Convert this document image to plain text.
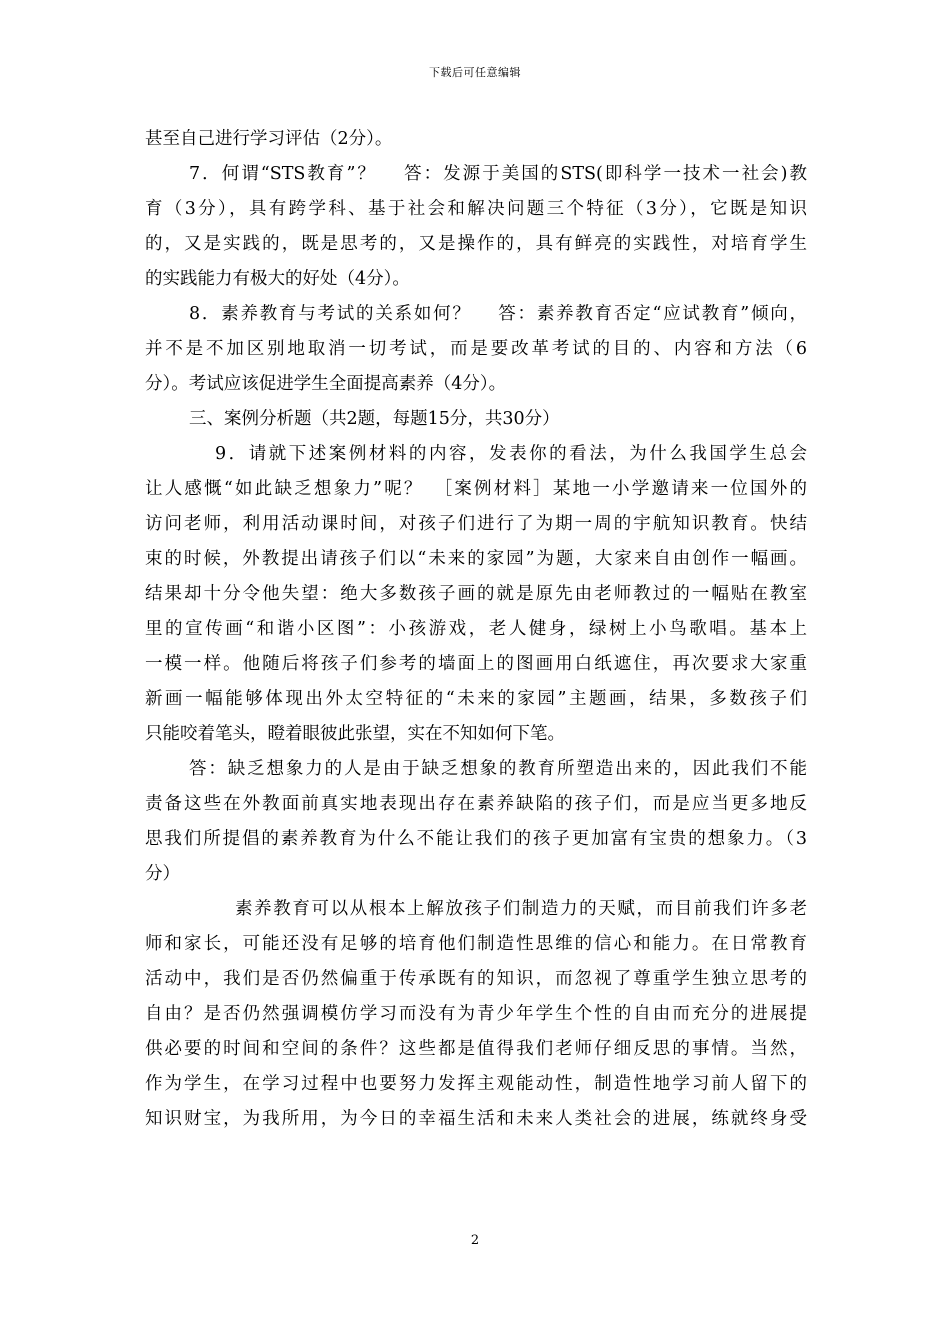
下载后可任意编辑
甚至自己进行学习评估（2分）。
7．何谓“STS教育”？　 答：发源于美国的STS(即科学一技术一社会)教
育（3分），具有跨学科、基于社会和解决问题三个特征（3分），它既是知识
的，又是实践的，既是思考的，又是操作的，具有鲜亮的实践性，对培育学生
的实践能力有极大的好处（4分）。
8．素养教育与考试的关系如何？　 答：素养教育否定“应试教育”倾向，
并不是不加区别地取消一切考试，而是要改革考试的目的、内容和方法（6
分）。考试应该促进学生全面提高素养（4分）。
三、案例分析题（共2题，每题15分，共30分）
9．请就下述案例材料的内容，发表你的看法，为什么我国学生总会
让人感慨“如此缺乏想象力”呢？　［案例材料］某地一小学邀请来一位国外的
访问老师，利用活动课时间，对孩子们进行了为期一周的宇航知识教育。快结
束的时候，外教提出请孩子们以“未来的家园”为题，大家来自由创作一幅画。
结果却十分令他失望：绝大多数孩子画的就是原先由老师教过的一幅贴在教室
里的宣传画“和谐小区图”：小孩游戏，老人健身，绿树上小鸟歌唱。基本上
一模一样。他随后将孩子们参考的墙面上的图画用白纸遮住，再次要求大家重
新画一幅能够体现出外太空特征的“未来的家园”主题画，结果，多数孩子们
只能咬着笔头，瞪着眼彼此张望，实在不知如何下笔。
答：缺乏想象力的人是由于缺乏想象的教育所塑造出来的，因此我们不能
责备这些在外教面前真实地表现出存在素养缺陷的孩子们，而是应当更多地反
思我们所提倡的素养教育为什么不能让我们的孩子更加富有宝贵的想象力。（3
分）
素养教育可以从根本上解放孩子们制造力的天赋，而目前我们许多老
师和家长，可能还没有足够的培育他们制造性思维的信心和能力。在日常教育
活动中，我们是否仍然偏重于传承既有的知识，而忽视了尊重学生独立思考的
自由？是否仍然强调模仿学习而没有为青少年学生个性的自由而充分的进展提
供必要的时间和空间的条件？这些都是值得我们老师仔细反思的事情。当然，
作为学生，在学习过程中也要努力发挥主观能动性，制造性地学习前人留下的
知识财宝，为我所用，为今日的幸福生活和未来人类社会的进展，练就终身受
2
